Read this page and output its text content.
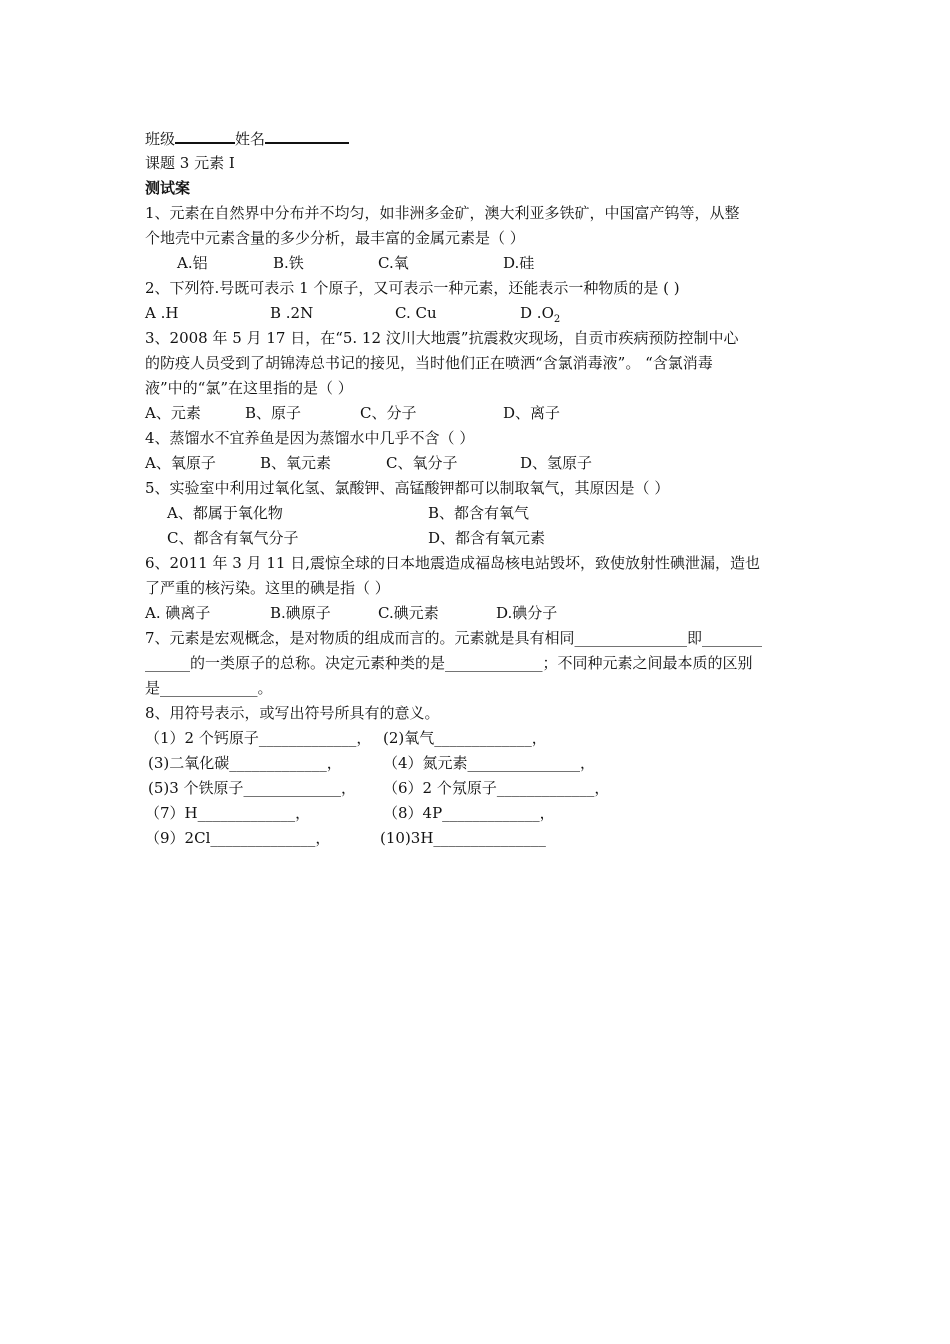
班级	姓名
课题 3 元素 I
测试案
1、元素在自然界中分布并不均匀，如非洲多金矿，澳大利亚多铁矿，中国富产钨等，从整
个地壳中元素含量的多少分析，最丰富的金属元素是（ ）
A.铝	B.铁	C.氧	D.硅
2、下列符.号既可表示 1 个原子，又可表示一种元素，还能表示一种物质的是 ( )
A .H	B .2N	C. Cu	D $.O_2$
3、2008 年 5 月 17 日，在“5. 12 汶川大地震”抗震救灾现场，自贡市疾病预防控制中心
的防疫人员受到了胡锦涛总书记的接见，当时他们正在喷洒“含氯消毒液”。 “含氯消毒
液”中的“氯”在这里指的是（ ）
A、元素	B、原子	C、分子	D、离子
4、蒸馏水不宜养鱼是因为蒸馏水中几乎不含（ ）
A、氧原子	B、氧元素	C、氧分子	D、氢原子
5、实验室中利用过氧化氢、氯酸钾、高锰酸钾都可以制取氧气，其原因是（ ）
A、都属于氧化物	B、都含有氧气
C、都含有氧气分子	D、都含有氧元素
6、2011 年 3 月 11 日,震惊全球的日本地震造成福岛核电站毁坏，致使放射性碘泄漏，造也
了严重的核污染。这里的碘是指（ ）
A. 碘离子	B.碘原子	C.碘元素	D.碘分子
7、元素是宏观概念，是对物质的组成而言的。元素就是具有相同_______________即________
______的一类原子的总称。决定元素种类的是_____________；不同种元素之间最本质的区别
是_____________。
8、用符号表示，或写出符号所具有的意义。
（1）2 个钙原子_____________， (2)氧气_____________，
(3)二氧化碳_____________，	（4）氮元素_______________，
(5)3 个铁原子_____________， （6）2 个氖原子_____________，
（7）H_____________，	（8）4P_____________，
（9）2Cl______________，	(10)3H_______________
